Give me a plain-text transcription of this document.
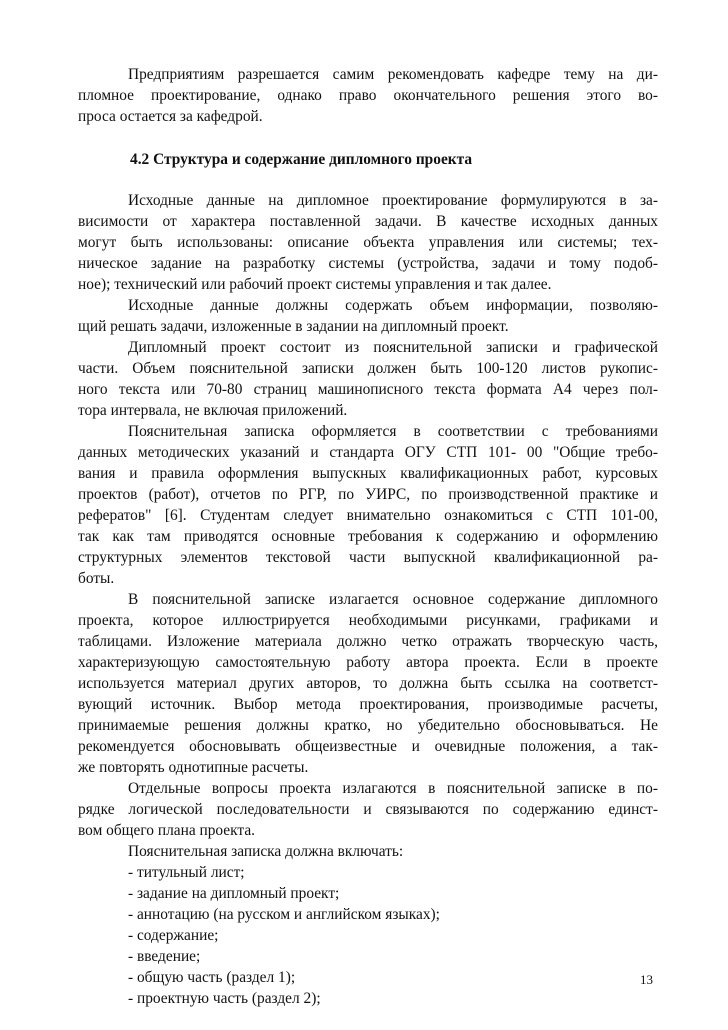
Предприятиям разрешается самим рекомендовать кафедре тему на ди-
пломное проектирование, однако право окончательного решения этого во-
проса остается за кафедрой.
4.2 Структура и содержание дипломного проекта
Исходные данные на дипломное проектирование формулируются в за-
висимости от характера поставленной задачи. В качестве исходных данных
могут быть использованы: описание объекта управления или системы; тех-
ническое задание на разработку системы (устройства, задачи и тому подоб-
ное); технический или рабочий проект системы управления и так далее.
Исходные данные должны содержать объем информации, позволяю-
щий решать задачи, изложенные в задании на дипломный проект.
Дипломный проект состоит из пояснительной записки и графической
части. Объем пояснительной записки должен быть 100-120 листов рукопис-
ного текста или 70-80 страниц машинописного текста формата А4 через пол-
тора интервала, не включая приложений.
Пояснительная записка оформляется в соответствии с требованиями
данных методических указаний и стандарта ОГУ СТП 101- 00 "Общие требо-
вания и правила оформления выпускных квалификационных работ, курсовых
проектов (работ), отчетов по РГР, по УИРС, по производственной практике и
рефератов" [6]. Студентам следует внимательно ознакомиться с СТП 101-00,
так как там приводятся основные требования к содержанию и оформлению
структурных элементов текстовой части выпускной квалификационной ра-
боты.
В пояснительной записке излагается основное содержание дипломного
проекта, которое иллюстрируется необходимыми рисунками, графиками и
таблицами. Изложение материала должно четко отражать творческую часть,
характеризующую самостоятельную работу автора проекта. Если в проекте
используется материал других авторов, то должна быть ссылка на соответст-
вующий источник. Выбор метода проектирования, производимые расчеты,
принимаемые решения должны кратко, но убедительно обосновываться. Не
рекомендуется обосновывать общеизвестные и очевидные положения, а так-
же повторять однотипные расчеты.
Отдельные вопросы проекта излагаются в пояснительной записке в по-
рядке логической последовательности и связываются по содержанию единст-
вом общего плана проекта.
Пояснительная записка должна включать:
- титульный лист;
- задание на дипломный проект;
- аннотацию (на русском и английском языках);
- содержание;
- введение;
- общую часть (раздел 1);
- проектную часть (раздел 2);
13
